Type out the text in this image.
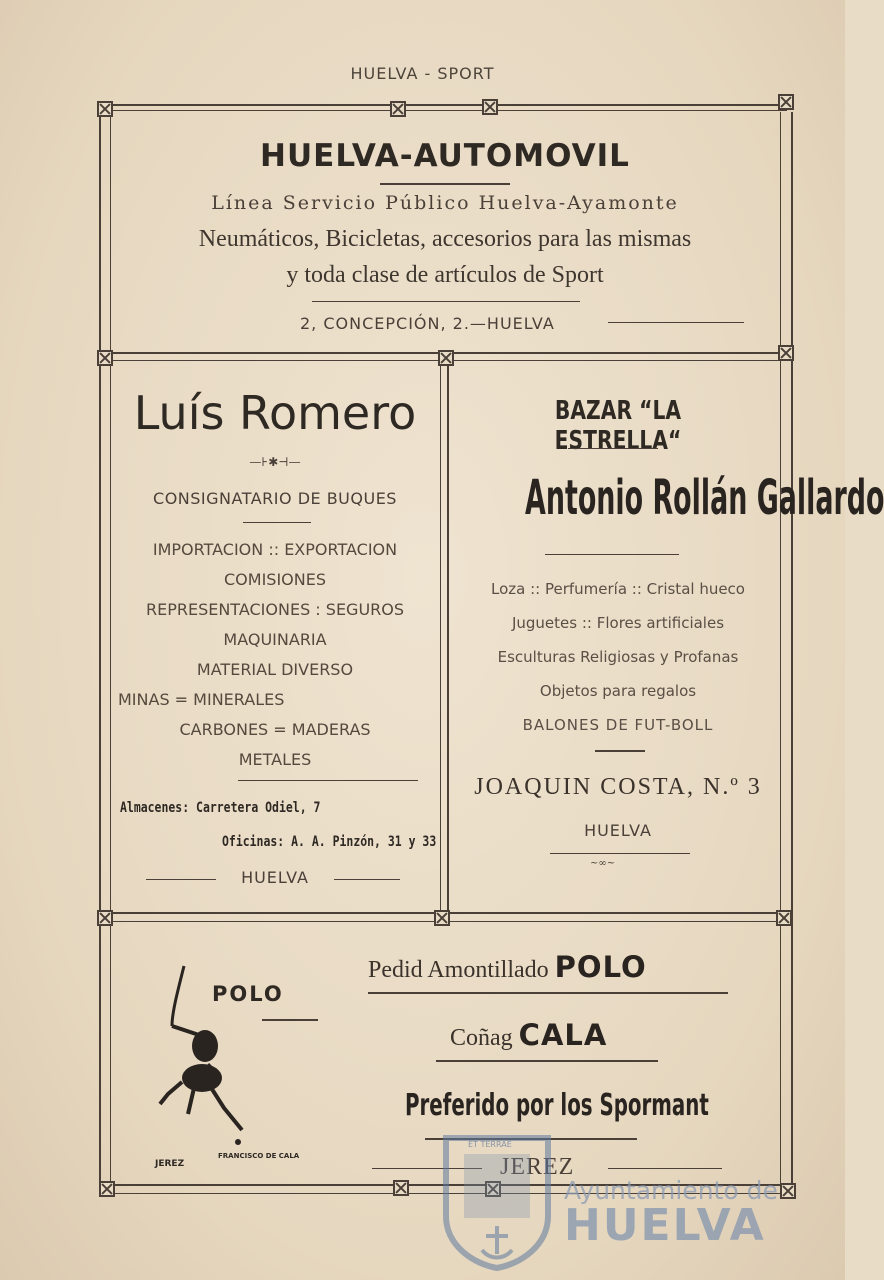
HUELVA - SPORT
HUELVA-AUTOMOVIL
Línea Servicio Público Huelva-Ayamonte
Neumáticos, Bicicletas, accesorios para las mismas
y toda clase de artículos de Sport
2, CONCEPCIÓN, 2.—HUELVA
Luís Romero
—⊦✱⊣—
CONSIGNATARIO DE BUQUES
IMPORTACION :: EXPORTACION
COMISIONES
REPRESENTACIONES : SEGUROS
MAQUINARIA
MATERIAL DIVERSO
MINAS = MINERALES
CARBONES = MADERAS
METALES
Almacenes: Carretera Odiel, 7
Oficinas: A. A. Pinzón, 31 y 33
HUELVA
BAZAR “LA ESTRELLA“
Antonio Rollán Gallardo
Loza :: Perfumería :: Cristal hueco
Juguetes :: Flores artificiales
Esculturas Religiosas y Profanas
Objetos para regalos
BALONES DE FUT-BOLL
JOAQUIN COSTA, N.º 3
HUELVA
~∞~
POLO
JEREZ
FRANCISCO DE CALA
Pedid Amontillado POLO
Coñag CALA
Preferido por los Spormant
JEREZ
ET TERRAE
Ayuntamiento de
HUELVA
